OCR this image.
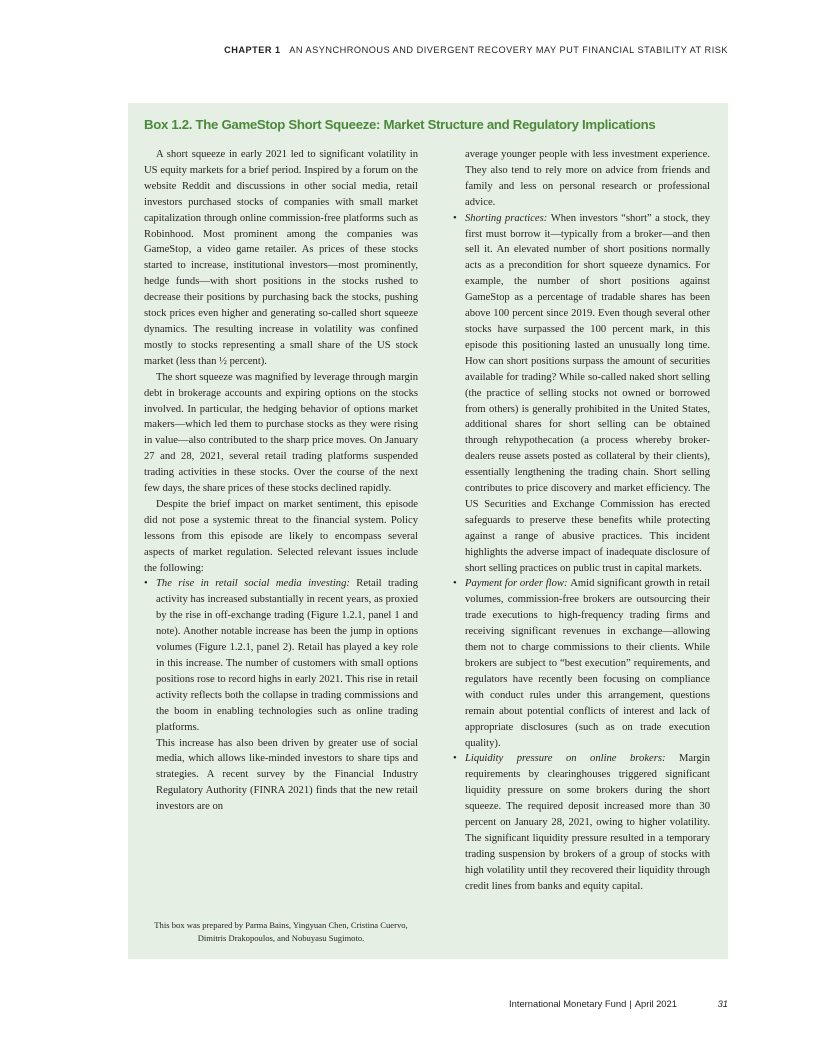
CHAPTER 1 AN ASYNCHRONOUS AND DIVERGENT RECOVERY MAY PUT FINANCIAL STABILITY AT RISK
Box 1.2. The GameStop Short Squeeze: Market Structure and Regulatory Implications

A short squeeze in early 2021 led to significant volatility in US equity markets for a brief period. Inspired by a forum on the website Reddit and discussions in other social media, retail investors purchased stocks of companies with small market capitalization through online commission-free platforms such as Robinhood. Most prominent among the companies was GameStop, a video game retailer. As prices of these stocks started to increase, institutional investors—most prominently, hedge funds—with short positions in the stocks rushed to decrease their positions by purchasing back the stocks, pushing stock prices even higher and generating so-called short squeeze dynamics. The resulting increase in volatility was confined mostly to stocks representing a small share of the US stock market (less than ½ percent).

The short squeeze was magnified by leverage through margin debt in brokerage accounts and expiring options on the stocks involved. In particular, the hedging behavior of options market makers—which led them to purchase stocks as they were rising in value—also contributed to the sharp price moves. On January 27 and 28, 2021, several retail trading platforms suspended trading activities in these stocks. Over the course of the next few days, the share prices of these stocks declined rapidly.

Despite the brief impact on market sentiment, this episode did not pose a systemic threat to the financial system. Policy lessons from this episode are likely to encompass several aspects of market regulation. Selected relevant issues include the following:

• The rise in retail social media investing: Retail trading activity has increased substantially in recent years, as proxied by the rise in off-exchange trading (Figure 1.2.1, panel 1 and note). Another notable increase has been the jump in options volumes (Figure 1.2.1, panel 2). Retail has played a key role in this increase. The number of customers with small options positions rose to record highs in early 2021. This rise in retail activity reflects both the collapse in trading commissions and the boom in enabling technologies such as online trading platforms.

This increase has also been driven by greater use of social media, which allows like-minded investors to share tips and strategies. A recent survey by the Financial Industry Regulatory Authority (FINRA 2021) finds that the new retail investors are on

average younger people with less investment experience. They also tend to rely more on advice from friends and family and less on personal research or professional advice.

• Shorting practices: When investors “short” a stock, they first must borrow it—typically from a broker—and then sell it. An elevated number of short positions normally acts as a precondition for short squeeze dynamics. For example, the number of short positions against GameStop as a percentage of tradable shares has been above 100 percent since 2019. Even though several other stocks have surpassed the 100 percent mark, in this episode this positioning lasted an unusually long time. How can short positions surpass the amount of securities available for trading? While so-called naked short selling (the practice of selling stocks not owned or borrowed from others) is generally prohibited in the United States, additional shares for short selling can be obtained through rehypothecation (a process whereby broker-dealers reuse assets posted as collateral by their clients), essentially lengthening the trading chain. Short selling contributes to price discovery and market efficiency. The US Securities and Exchange Commission has erected safeguards to preserve these benefits while protecting against a range of abusive practices. This incident highlights the adverse impact of inadequate disclosure of short selling practices on public trust in capital markets.
• Payment for order flow: Amid significant growth in retail volumes, commission-free brokers are outsourcing their trade executions to high-frequency trading firms and receiving significant revenues in exchange—allowing them not to charge commissions to their clients. While brokers are subject to “best execution” requirements, and regulators have recently been focusing on compliance with conduct rules under this arrangement, questions remain about potential conflicts of interest and lack of appropriate disclosures (such as on trade execution quality).
• Liquidity pressure on online brokers: Margin requirements by clearinghouses triggered significant liquidity pressure on some brokers during the short squeeze. The required deposit increased more than 30 percent on January 28, 2021, owing to higher volatility. The significant liquidity pressure resulted in a temporary trading suspension by brokers of a group of stocks with high volatility until they recovered their liquidity through credit lines from banks and equity capital.
This box was prepared by Parma Bains, Yingyuan Chen, Cristina Cuervo, Dimitris Drakopoulos, and Nobuyasu Sugimoto.
International Monetary Fund | April 2021	31
